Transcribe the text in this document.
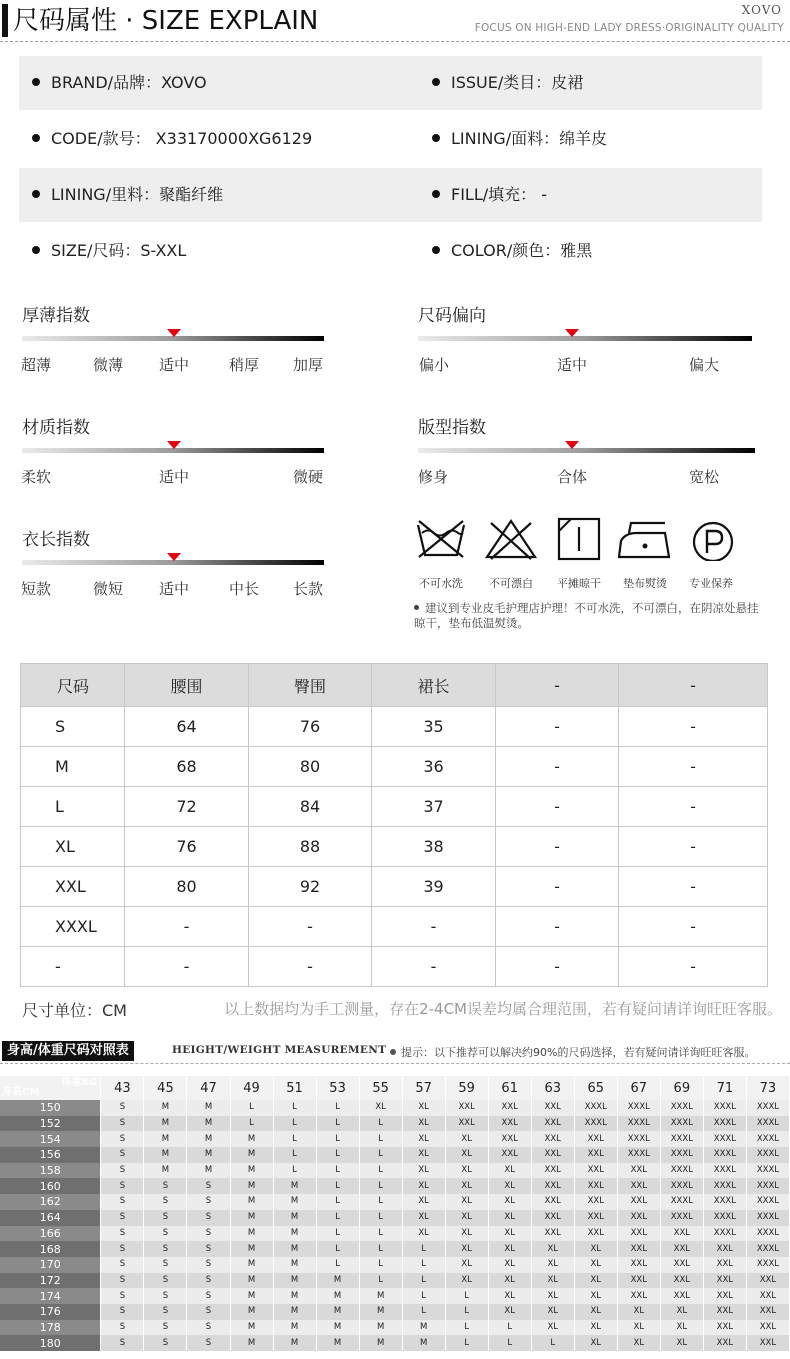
尺码属性 · SIZE EXPLAIN	XOVO
FOCUS ON HIGH-END LADY DRESS·ORIGINALITY QUALITY
BRAND/品牌：XOVO	ISSUE/类目：皮裙
CODE/款号： X33170000XG6129	LINING/面料：绵羊皮
LINING/里料：聚酯纤维	FILL/填充： -
SIZE/尺码：S-XXL	COLOR/颜色：雅黑
厚薄指数
超薄	微薄 适中	稍厚 加厚
尺码偏向
偏小	适中	偏大
材质指数
柔软	适中	微硬
版型指数
修身	合体	宽松
衣长指数
短款	微短 适中	中长 长款	不可水洗 不可漂白 平摊晾干 垫布熨烫 专业保养
建议到专业皮毛护理店护理！不可水洗，不可漂白，在阴凉处悬挂晾干，垫布低温熨烫。
尺码	腰围	臀围	裙长	-	-
S	64	76	35	-	-
M	68	80	36	-	-
L	72	84	37	-	-
XL	76	88	38	-	-
XXL	80	92	39	-	-
XXXL	-	-	-	-	-
-	-	-	-	-	-
尺寸单位：CM	以上数据均为手工测量，存在2-4CM误差均属合理范围，若有疑问请详询旺旺客服。
身高/体重尺码对照表	HEIGHT/WEIGHT MEASUREMENT	提示：以下推荐可以解决约90%的尺码选择，若有疑问请详询旺旺客服。
身高CM
体重KG	43	45	47	49	51	53	55	57	59	61	63	65	67	69	71	73
150	S	M	M	L	L	L	XL	XL	XXL	XXL	XXL	XXXL	XXXL	XXXL	XXXL	XXXL
152	S	M	M	L	L	L	L	XL	XXL	XXL	XXL	XXXL	XXXL	XXXL	XXXL	XXXL
154	S	M	M	M	L	L	L	XL	XL	XXL	XXL	XXL	XXXL	XXXL	XXXL	XXXL
156	S	M	M	M	L	L	L	XL	XL	XXL	XXL	XXL	XXXL	XXXL	XXXL	XXXL
158	S	M	M	M	L	L	L	XL	XL	XL	XXL	XXL	XXL	XXXL	XXXL	XXXL
160	S	S	S	M	M	L	L	XL	XL	XL	XXL	XXL	XXL	XXXL	XXXL	XXXL
162	S	S	S	M	M	L	L	XL	XL	XL	XXL	XXL	XXL	XXXL	XXXL	XXXL
164	S	S	S	M	M	L	L	XL	XL	XL	XXL	XXL	XXL	XXXL	XXXL	XXXL
166	S	S	S	M	M	L	L	XL	XL	XL	XXL	XXL	XXL	XXL	XXXL	XXXL
168	S	S	S	M	M	L	L	L	XL	XL	XL	XL	XXL	XXL	XXL	XXXL
170	S	S	S	M	M	L	L	L	XL	XL	XL	XL	XXL	XXL	XXL	XXXL
172	S	S	S	M	M	M	L	L	XL	XL	XL	XL	XXL	XXL	XXL	XXL
174	S	S	S	M	M	M	M	L	L	XL	XL	XL	XXL	XXL	XXL	XXL
176	S	S	S	M	M	M	M	L	L	XL	XL	XL	XL	XL	XXL	XXL
178	S	S	S	M	M	M	M	M	L	L	XL	XL	XL	XL	XXL	XXL
180	S	S	S	M	M	M	M	M	L	L	L	XL	XL	XL	XXL	XXL
